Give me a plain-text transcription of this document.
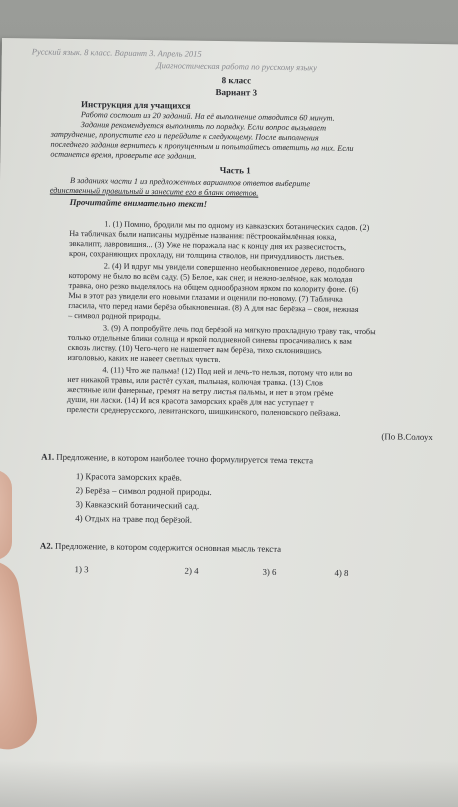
Русский язык. 8 класс. Вариант 3. Апрель 2015
Диагностическая работа по русскому языку
8 класс
Вариант 3
Инструкция для учащихся
Работа состоит из 20 заданий. На её выполнение отводится 60 минут.
Задания рекомендуется выполнять по порядку. Если вопрос вызывает
затруднение, пропустите его и перейдите к следующему. После выполнения
последнего задания вернитесь к пропущенным и попытайтесь ответить на них. Если
останется время, проверьте все задания.
Часть 1
В заданиях части 1 из предложенных вариантов ответов выберите
единственный правильный и занесите его в бланк ответов.
Прочитайте внимательно текст!
1. (1) Помню, бродили мы по одному из кавказских ботанических садов. (2)
На табличках были написаны мудрёные названия: пёстроокаймлённая юкка,
эвкалипт, лавровишня... (3) Уже не поражала нас к концу дня их развесистость,
крон, сохраняющих прохладу, ни толщина стволов, ни причудливость листьев.
2. (4) И вдруг мы увидели совершенно необыкновенное дерево, подобного
которому не было во всём саду. (5) Белое, как снег, и нежно-зелёное, как молодая
травка, оно резко выделялось на общем однообразном ярком по колориту фоне. (6)
Мы в этот раз увидели его новыми глазами и оценили по-новому. (7) Табличка
гласила, что перед нами берёза обыкновенная. (8) А для нас берёзка – своя, нежная
– символ родной природы.
3. (9) А попробуйте лечь под берёзой на мягкую прохладную траву так, чтобы
только отдельные блики солнца и яркой полдневной синевы просачивались к вам
сквозь листву. (10) Чего-чего не нашепчет вам берёза, тихо склонившись
изголовью, каких не навеет светлых чувств.
4. (11) Что же пальма! (12) Под ней и лечь-то нельзя, потому что или во
нет никакой травы, или растёт сухая, пыльная, колючая травка. (13) Слов
жестяные или фанерные, гремят на ветру листья пальмы, и нет в этом грёме
души, ни ласки. (14) И вся красота заморских краёв для нас уступает т
прелести среднерусского, левитанского, шишкинского, поленовского пейзажа.
(По В.Солоух
А1. Предложение, в котором наиболее точно формулируется тема текста
1) Красота заморских краёв.
2) Берёза – символ родной природы.
3) Кавказский ботанический сад.
4) Отдых на траве под берёзой.
А2. Предложение, в котором содержится основная мысль текста
1) 3	2) 4	3) 6	4) 8
